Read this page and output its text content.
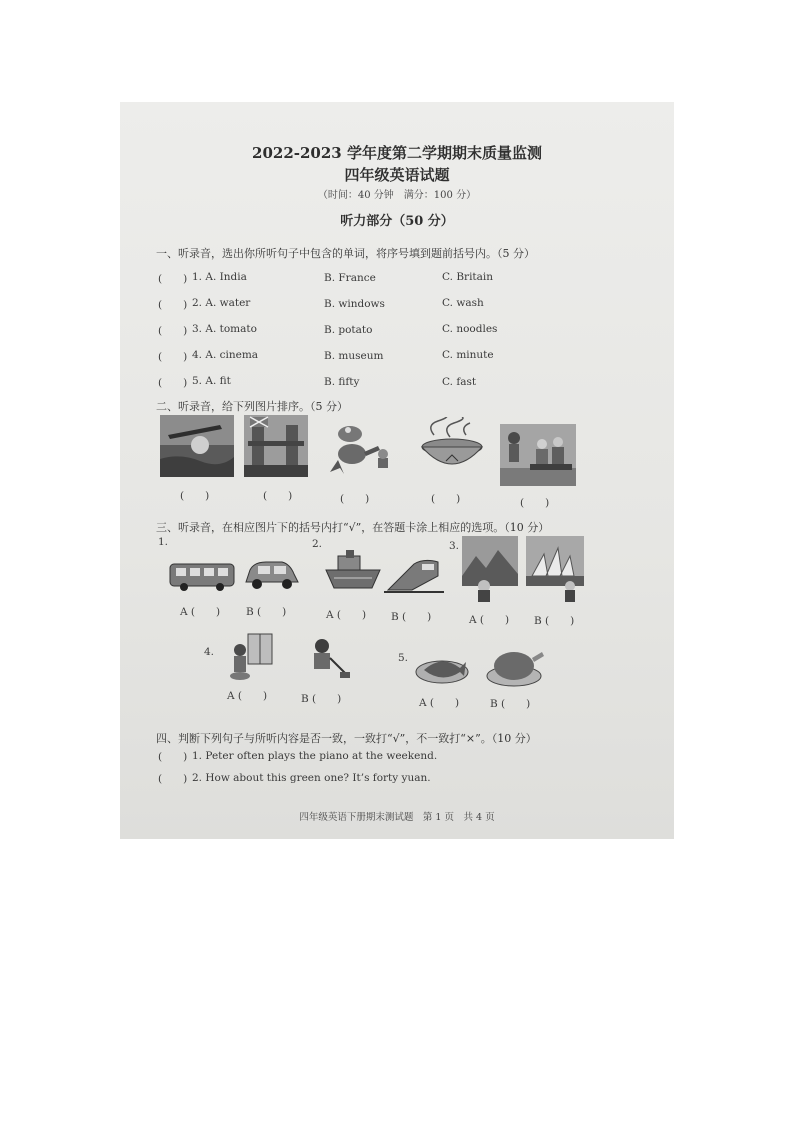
2022-2023 学年度第二学期期末质量监测
四年级英语试题
（时间：40 分钟　满分：100 分）
听力部分（50 分）
一、听录音，选出你所听句子中包含的单词，将序号填到题前括号内。（5 分）
(　　) 1. A. India	B. France	C. Britain
(　　) 2. A. water	B. windows	C. wash
(　　) 3. A. tomato	B. potato	C. noodles
(　　) 4. A. cinema	B. museum	C. minute
(　　) 5. A. fit	B. fifty	C. fast
二、听录音，给下列图片排序。（5 分）
(　　)	(　　)	(　　)	(　　)	(　　)
三、听录音，在相应图片下的括号内打“√”，在答题卡涂上相应的选项。（10 分）
1.	2.	3.
A (　　) B (　　)	A (　　) B (　　)	A (　　) B (　　)
4.
A (　　)	B (　　)
5.
A (　　)	B (　　)
四、判断下列句子与所听内容是否一致，一致打“√”，不一致打“×”。（10 分）
(　　) 1. Peter often plays the piano at the weekend.
(　　) 2. How about this green one? It’s forty yuan.
四年级英语下册期末测试题　第 1 页　共 4 页
